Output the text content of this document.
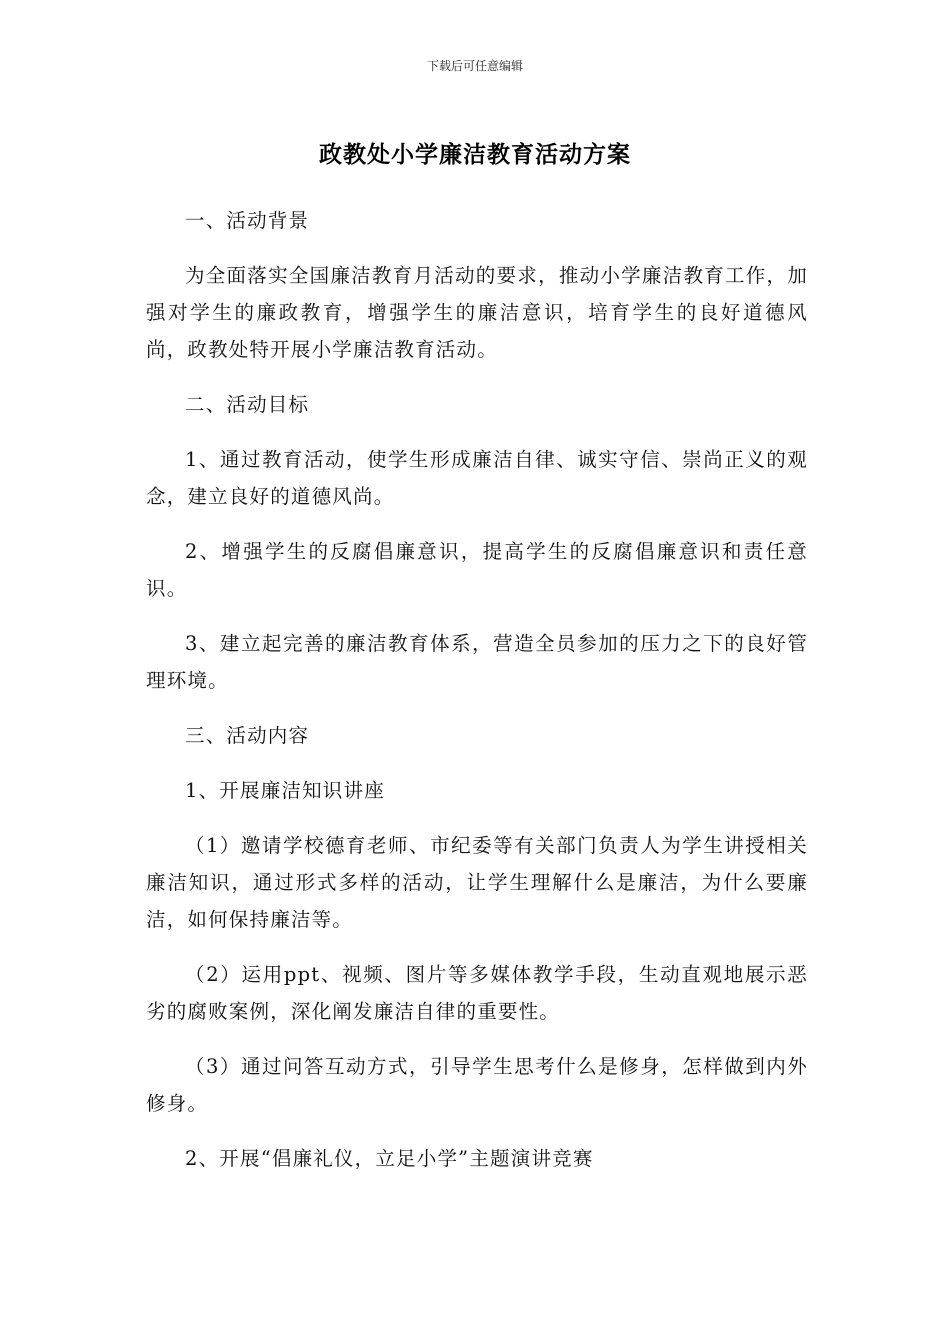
下载后可任意编辑
政教处小学廉洁教育活动方案

一、活动背景

为全面落实全国廉洁教育月活动的要求，推动小学廉洁教育工作，加强对学生的廉政教育，增强学生的廉洁意识，培育学生的良好道德风尚，政教处特开展小学廉洁教育活动。

二、活动目标

1、通过教育活动，使学生形成廉洁自律、诚实守信、崇尚正义的观念，建立良好的道德风尚。

2、增强学生的反腐倡廉意识，提高学生的反腐倡廉意识和责任意识。

3、建立起完善的廉洁教育体系，营造全员参加的压力之下的良好管理环境。

三、活动内容

1、开展廉洁知识讲座

（1）邀请学校德育老师、市纪委等有关部门负责人为学生讲授相关廉洁知识，通过形式多样的活动，让学生理解什么是廉洁，为什么要廉洁，如何保持廉洁等。

（2）运用ppt、视频、图片等多媒体教学手段，生动直观地展示恶劣的腐败案例，深化阐发廉洁自律的重要性。

（3）通过问答互动方式，引导学生思考什么是修身，怎样做到内外修身。

2、开展“倡廉礼仪，立足小学”主题演讲竞赛
